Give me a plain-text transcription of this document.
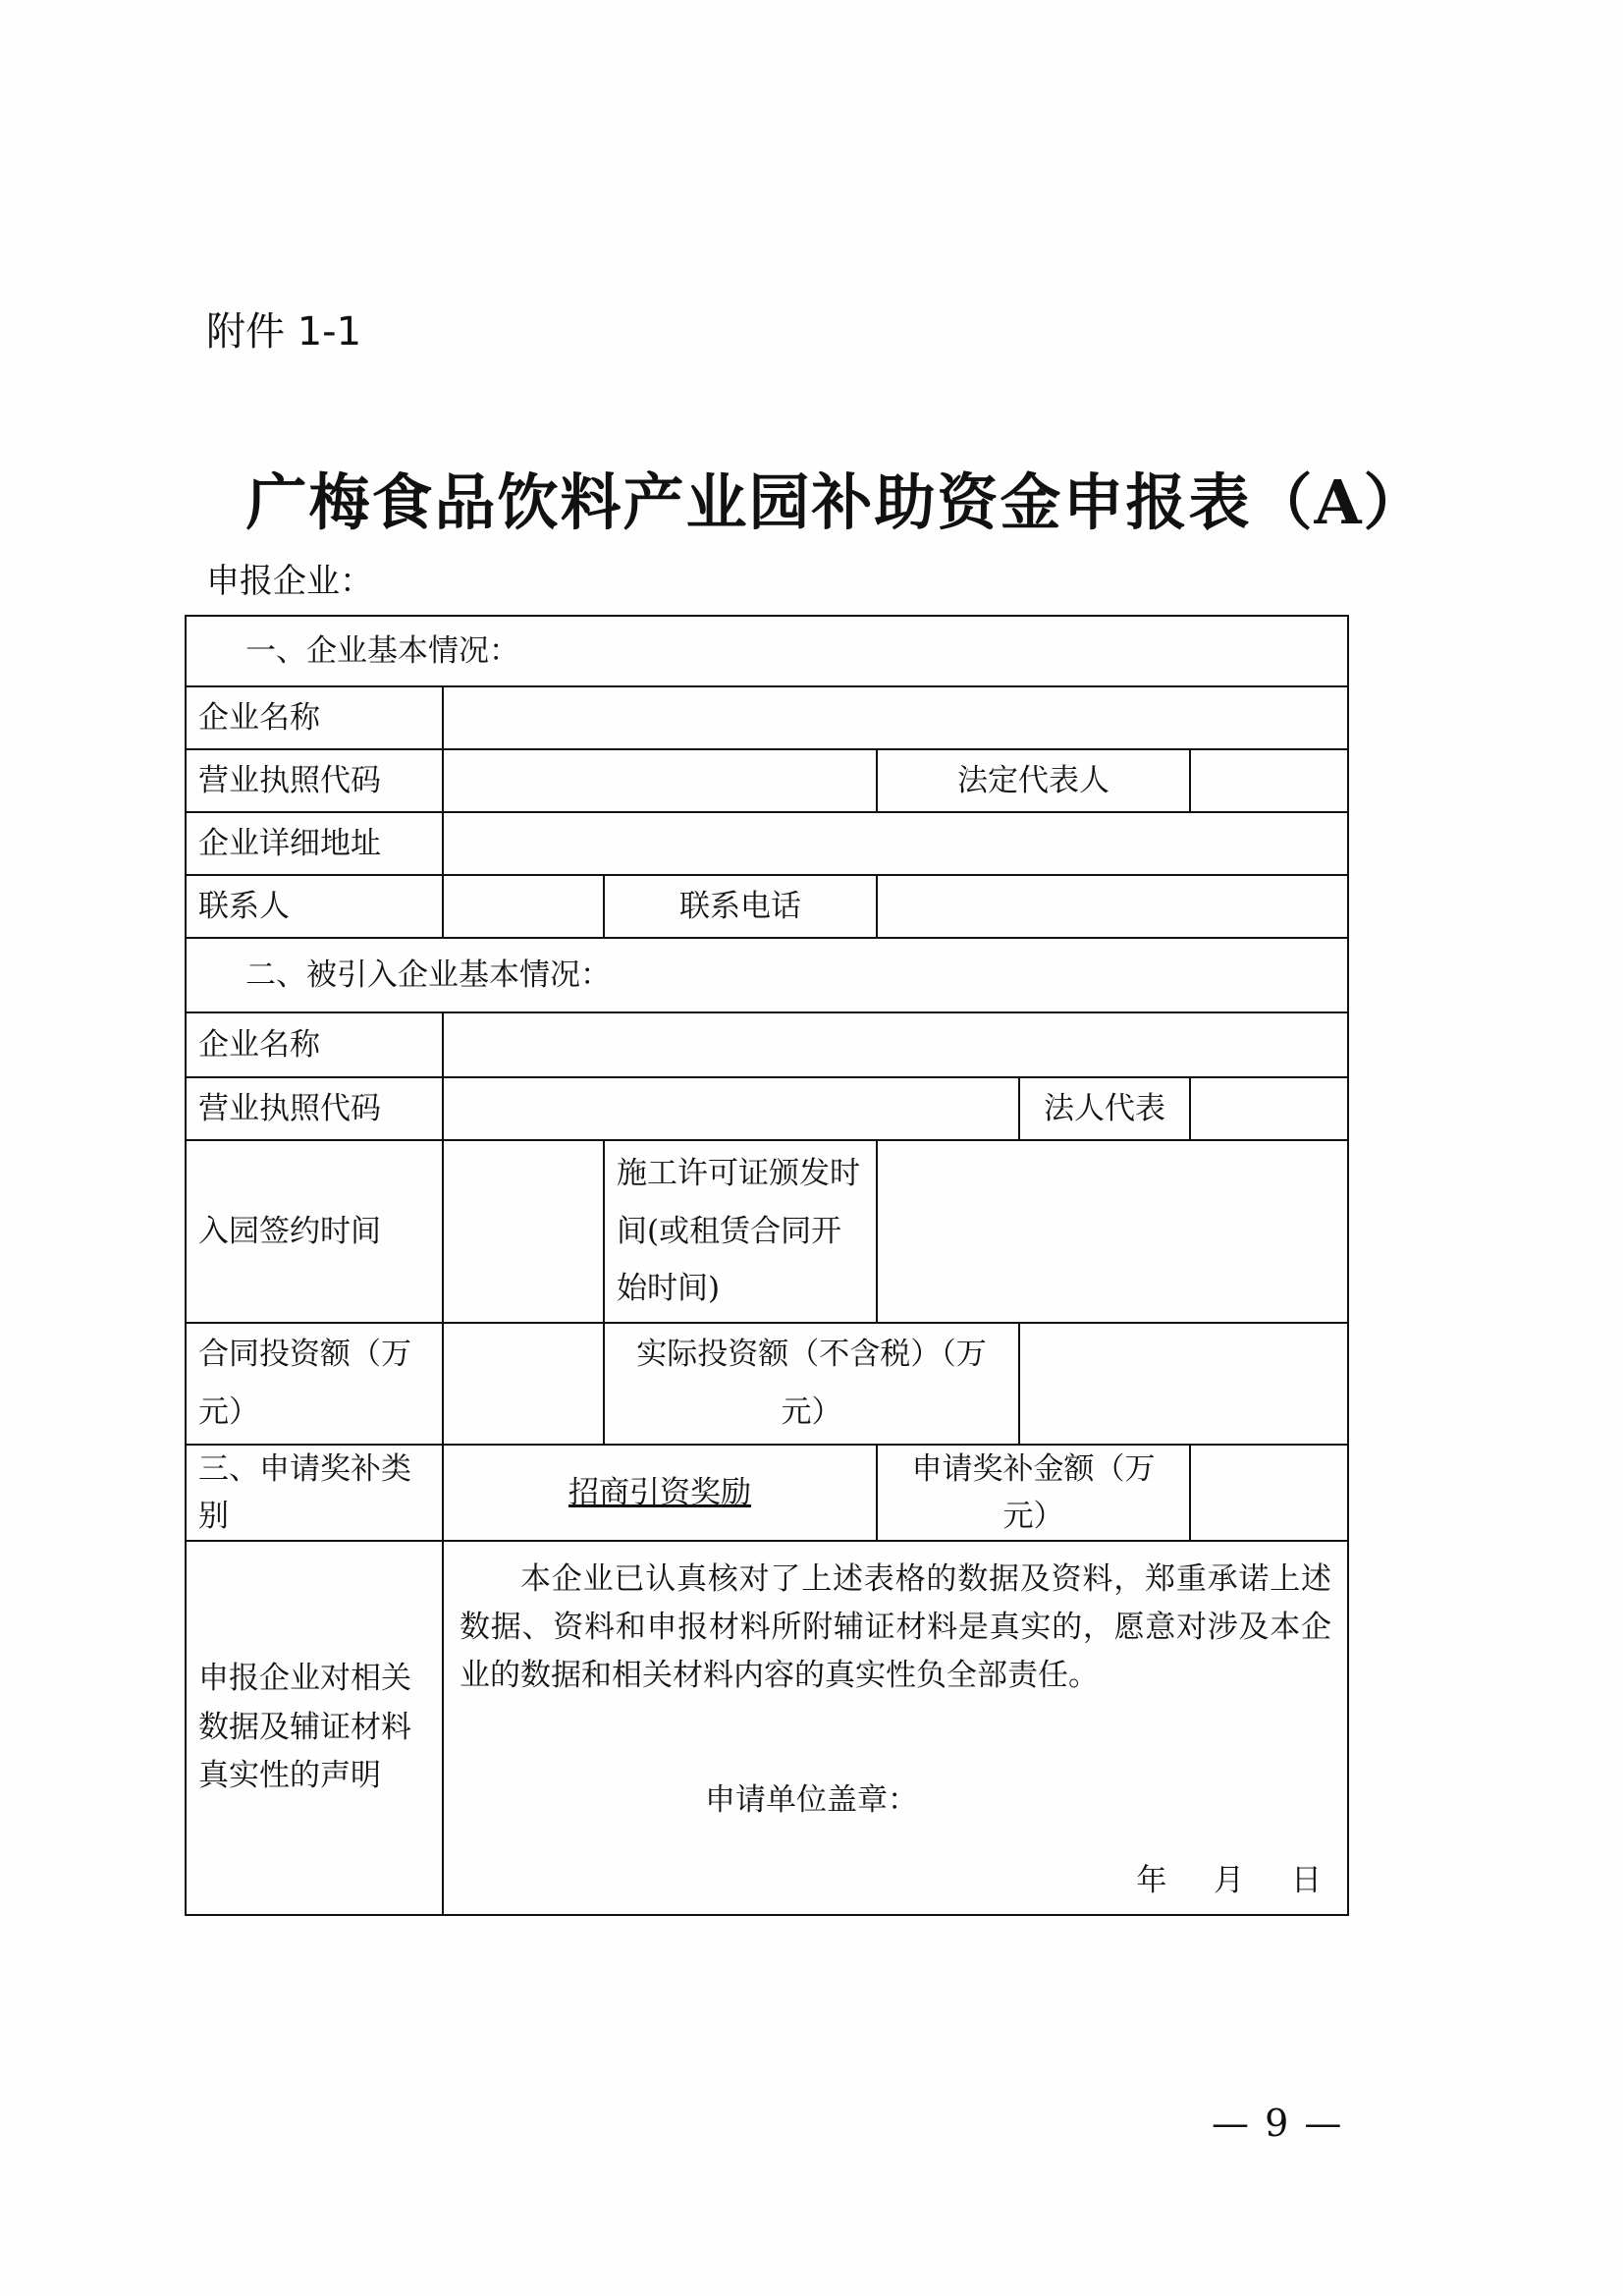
附件 1-1
广梅食品饮料产业园补助资金申报表（A）
申报企业：
一、企业基本情况：					
企业名称					
营业执照代码			法定代表人		
企业详细地址					
联系人		联系电话			
二、被引入企业基本情况：					
企业名称					
营业执照代码				法人代表	
入园签约时间		施工许可证颁发时间(或租赁合同开始时间)			
合同投资额（万元）		实际投资额（不含税）（万元）			
三、申请奖补类别	招商引资奖励		申请奖补金额（万元）		
申报企业对相关数据及辅证材料真实性的声明	本企业已认真核对了上述表格的数据及资料，郑重承诺上述数据、资料和申报材料所附辅证材料是真实的，愿意对涉及本企业的数据和相关材料内容的真实性负全部责任。
申请单位盖章：
年 月 日				
— 9 —
